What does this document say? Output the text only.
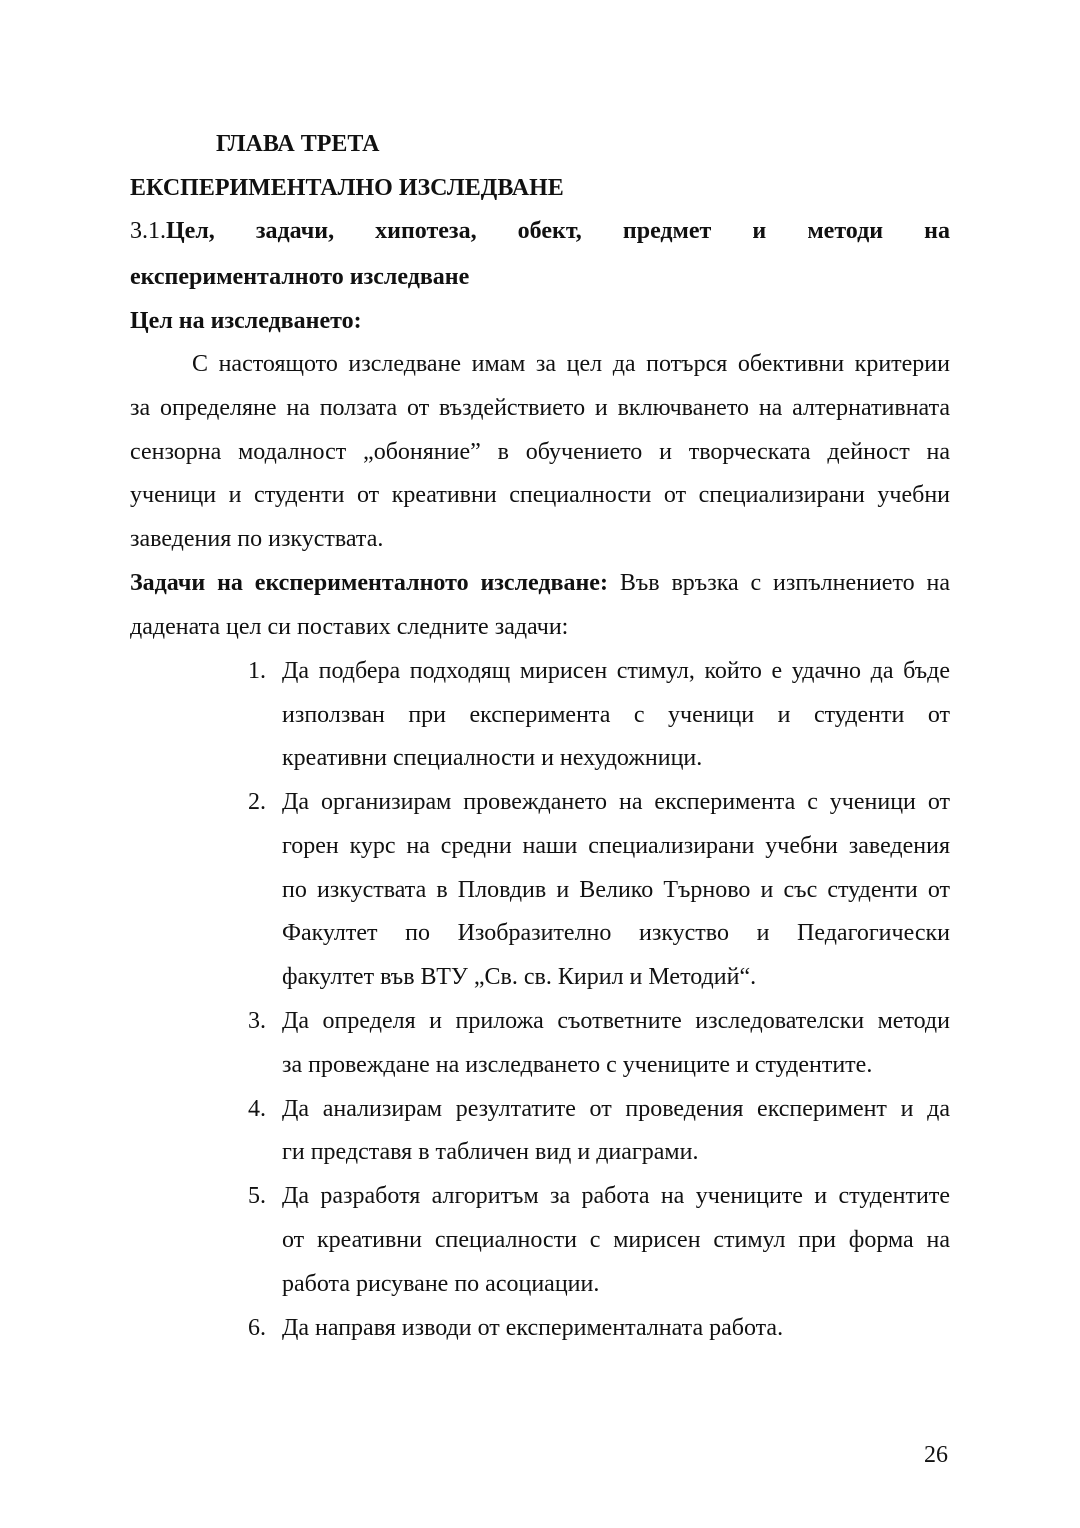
ГЛАВА ТРЕТА
ЕКСПЕРИМЕНТАЛНО ИЗСЛЕДВАНЕ
3.1.Цел, задачи, хипотеза, обект, предмет и методи на
експерименталното изследване
Цел на изследването:
С настоящото изследване имам за цел да потърся обективни критерии
за определяне на ползата от въздействието и включването на алтернативната
сензорна модалност „обоняние” в обучението и творческата дейност на
ученици и студенти от креативни специалности от специализирани учебни
заведения по изкуствата.
Задачи на експерименталното изследване: Във връзка с изпълнението на
дадената цел си поставих следните задачи:
1. Да подбера подходящ мирисен стимул, който е удачно да бъде
използван при експеримента с ученици и студенти от
креативни специалности и нехудожници.
2. Да организирам провеждането на експеримента с ученици от
горен курс на средни наши специализирани учебни заведения
по изкуствата в Пловдив и Велико Търново и със студенти от
Факултет по Изобразително изкуство и Педагогически
факултет във ВТУ „Св. св. Кирил и Методий“.
3. Да определя и приложа съответните изследователски методи
за провеждане на изследването с учениците и студентите.
4. Да анализирам резултатите от проведения експеримент и да
ги представя в табличен вид и диаграми.
5. Да разработя алгоритъм за работа на учениците и студентите
от креативни специалности с мирисен стимул при форма на
работа рисуване по асоциации.
6. Да направя изводи от експерименталната работа.
26
